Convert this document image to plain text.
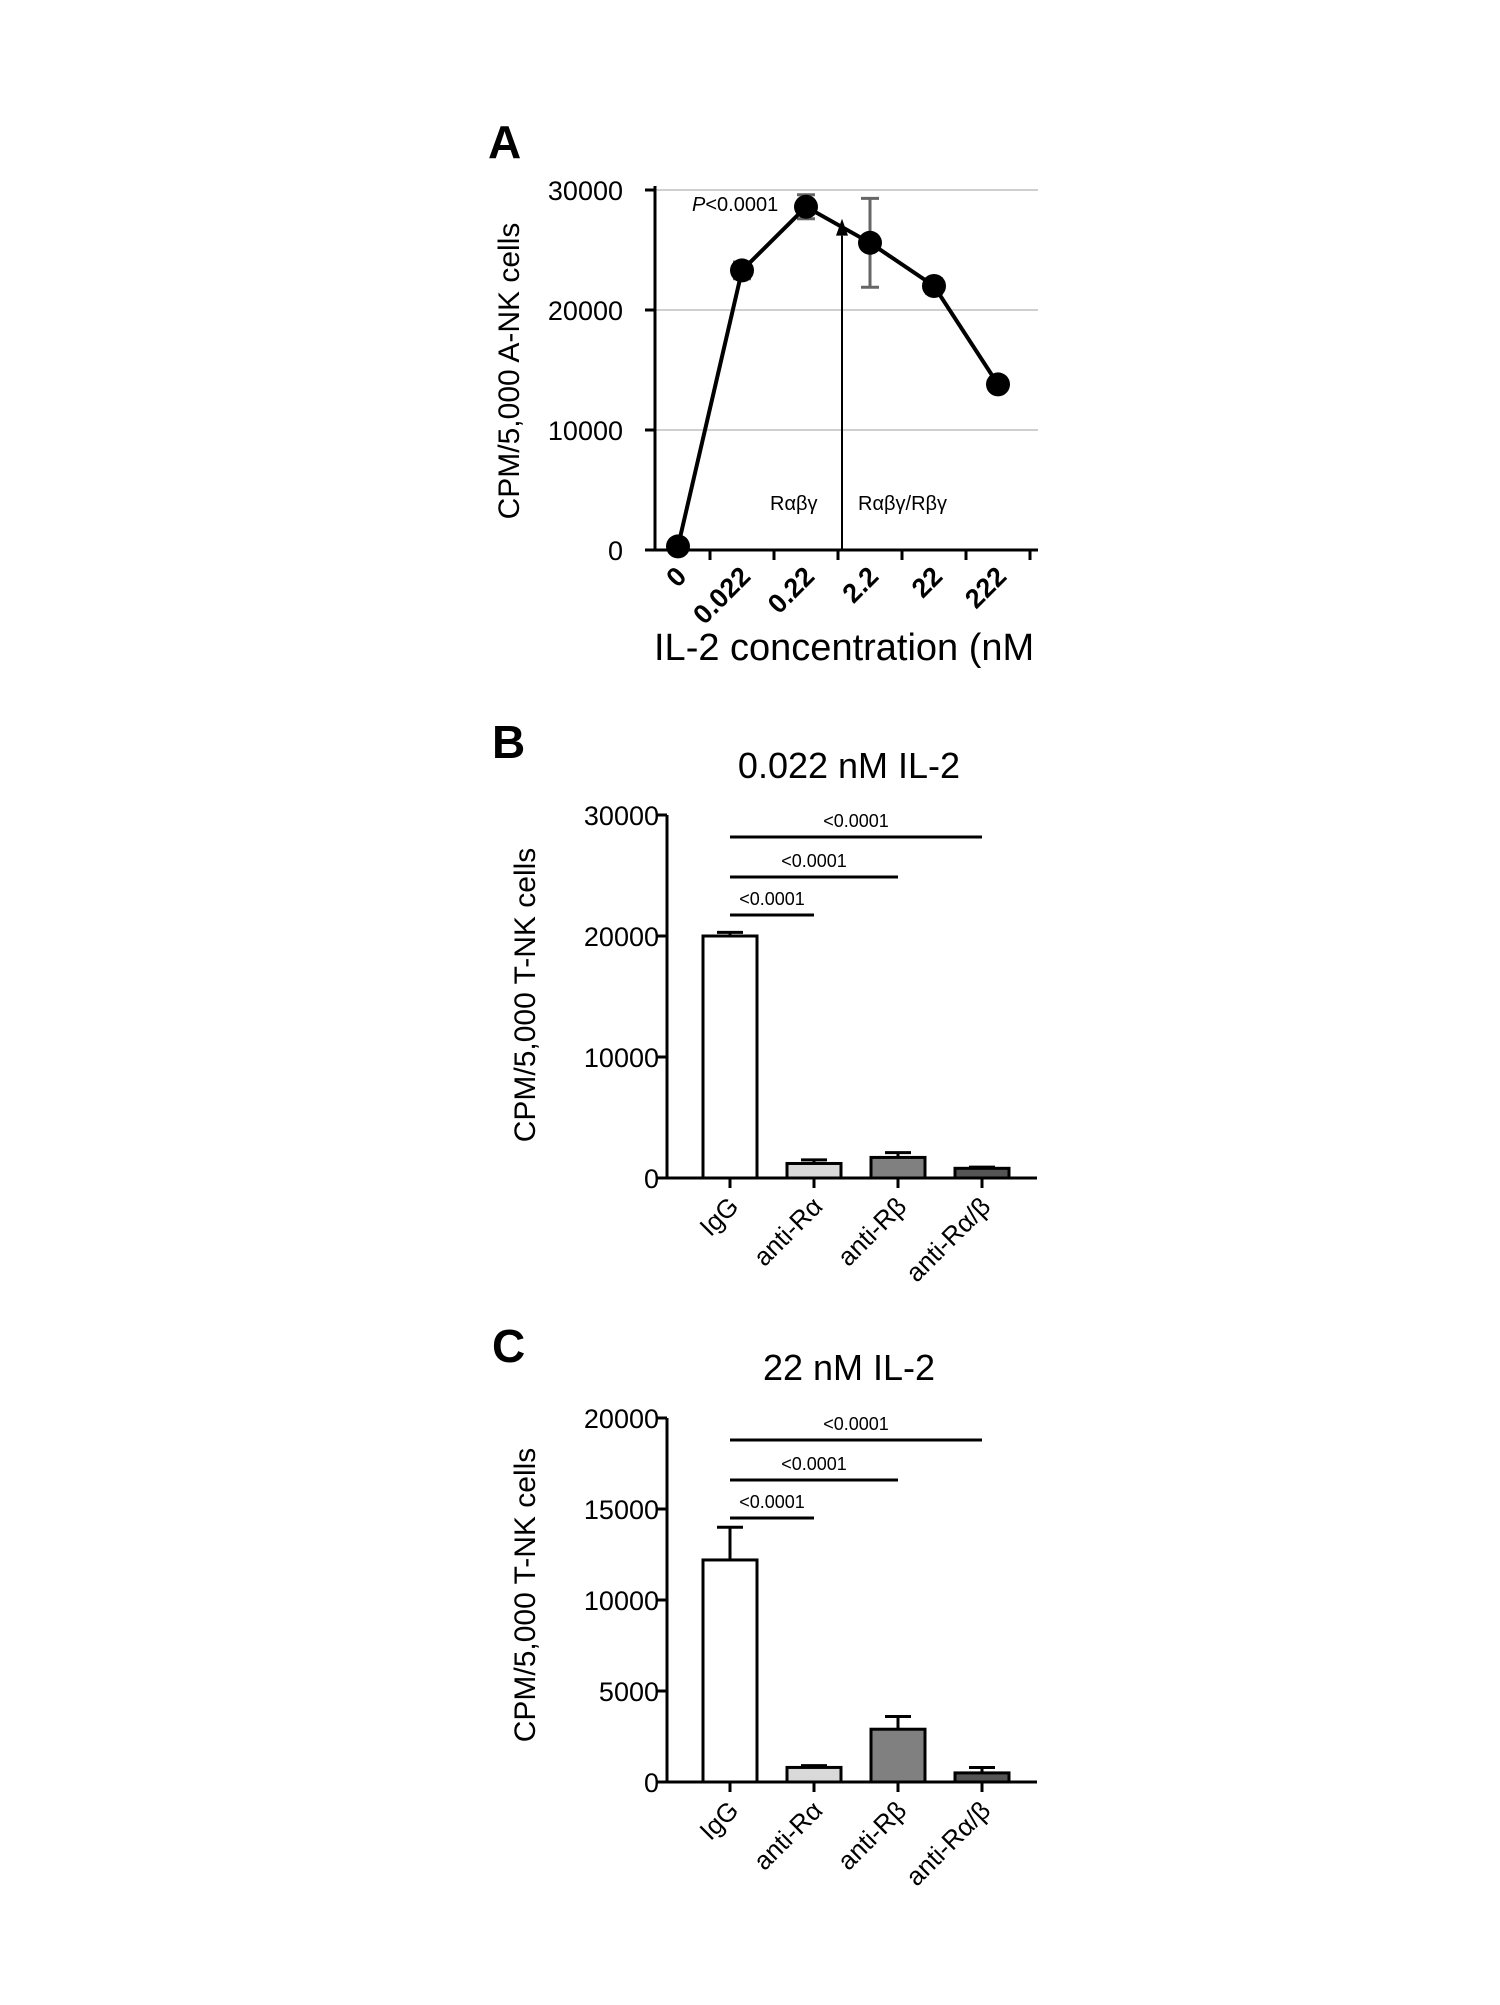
A
CPM/5,000 A-NK cells
IL-2 concentration (nM
P<0.0001
Rαβγ Rαβγ/Rβγ
B	0.022 nM IL-2
CPM/5,000 T-NK cells
C	22 nM IL-2
CPM/5,000 T-NK cells
0
10000
20000
30000
0
0.022 0.22 2.2 22 222
0
10000
20000
30000
IgG anti-Rα anti-Rβ
anti-Rα/β
<0.0001
<0.0001
<0.0001
0
5000
10000
15000
20000
IgG anti-Rα anti-Rβ
anti-Rα/β
<0.0001
<0.0001
<0.0001
